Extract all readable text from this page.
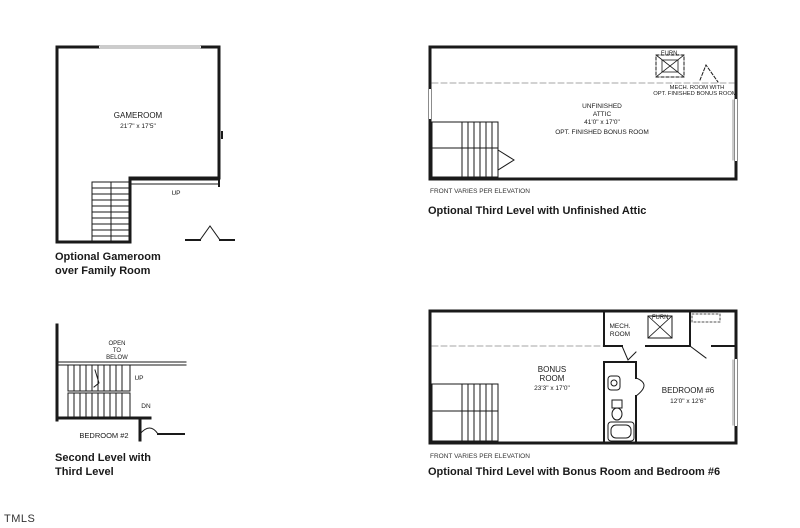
GAMEROOM
21'7" x 17'5"
UP
OPEN
TO
BELOW
UP
DN
BEDROOM #2
FURN.
MECH. ROOM WITH
OPT. FINISHED BONUS ROOM
UNFINISHED
ATTIC
41'0" x 17'0"
OPT. FINISHED BONUS ROOM
MECH.
ROOM
FURN.
BONUS
ROOM
23'3" x 17'0"	BEDROOM #6
12'0" x 12'6"
FRONT VARIES PER ELEVATION
FRONT VARIES PER ELEVATION
Optional Gameroom
over Family Room
Second Level with
Third Level
Optional Third Level with Unfinished Attic
Optional Third Level with Bonus Room and Bedroom #6
TMLS
